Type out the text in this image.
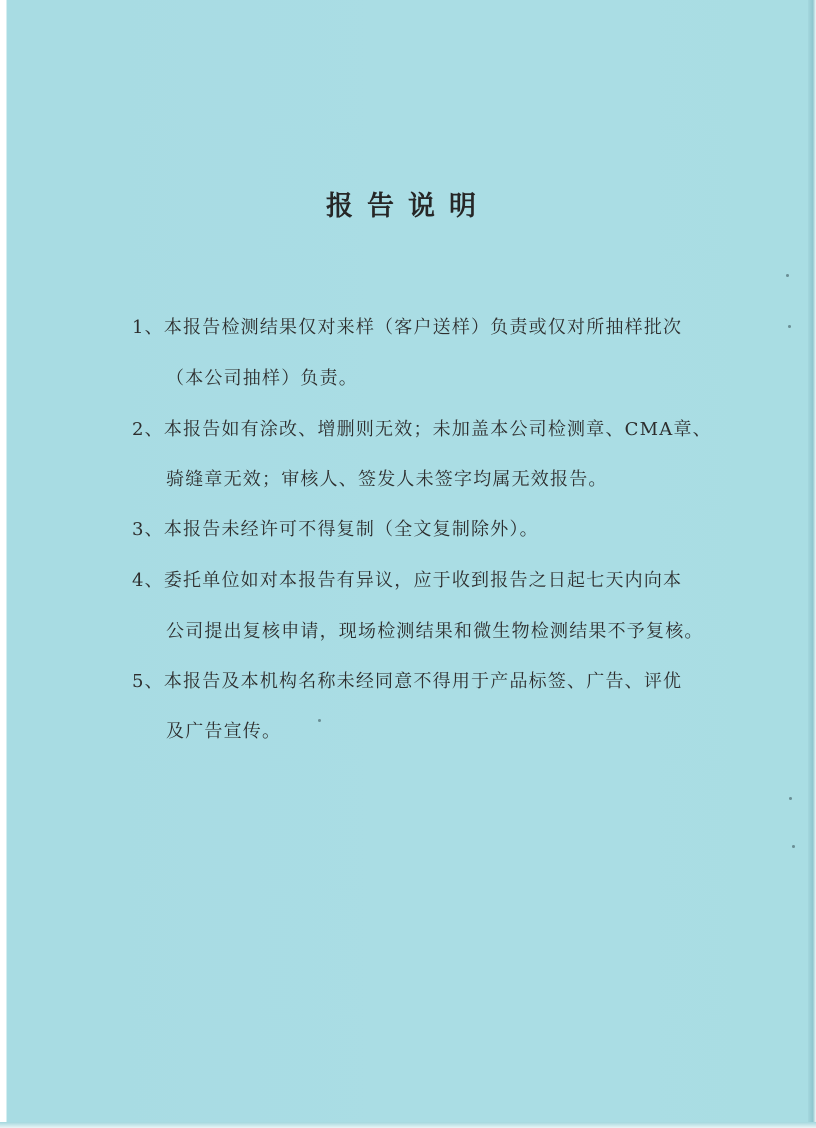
报告说明
1、本报告检测结果仅对来样（客户送样）负责或仅对所抽样批次
（本公司抽样）负责。
2、本报告如有涂改、增删则无效；未加盖本公司检测章、CMA章、
骑缝章无效；审核人、签发人未签字均属无效报告。
3、本报告未经许可不得复制（全文复制除外）。
4、委托单位如对本报告有异议，应于收到报告之日起七天内向本
公司提出复核申请，现场检测结果和微生物检测结果不予复核。
5、本报告及本机构名称未经同意不得用于产品标签、广告、评优
及广告宣传。
